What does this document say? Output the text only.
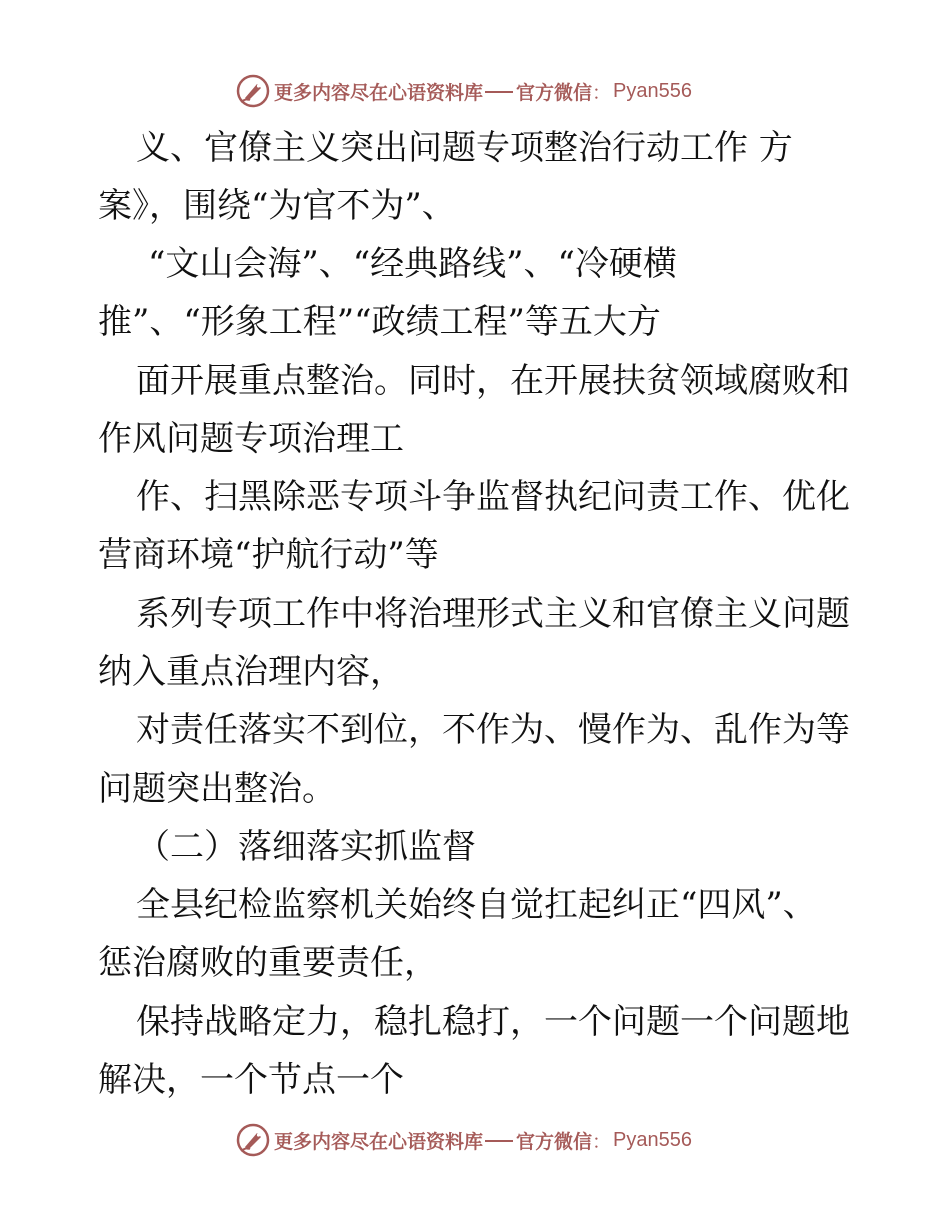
更多内容尽在心语资料库 官方微信 ： Pyan556
义、官僚主义突出问题专项整治行动工作 方
案》，围绕“为官不为”、
“文山会海”、“经典路线”、“冷硬横
推”、“形象工程”“政绩工程”等五大方
面开展重点整治。同时，在开展扶贫领域腐败和
作风问题专项治理工
作、扫黑除恶专项斗争监督执纪问责工作、优化
营商环境“护航行动”等
系列专项工作中将治理形式主义和官僚主义问题
纳入重点治理内容，
对责任落实不到位，不作为、慢作为、乱作为等
问题突出整治。
（二）落细落实抓监督
全县纪检监察机关始终自觉扛起纠正“四风”、
惩治腐败的重要责任，
保持战略定力，稳扎稳打，一个问题一个问题地
解决，一个节点一个
更多内容尽在心语资料库 官方微信 ： Pyan556
